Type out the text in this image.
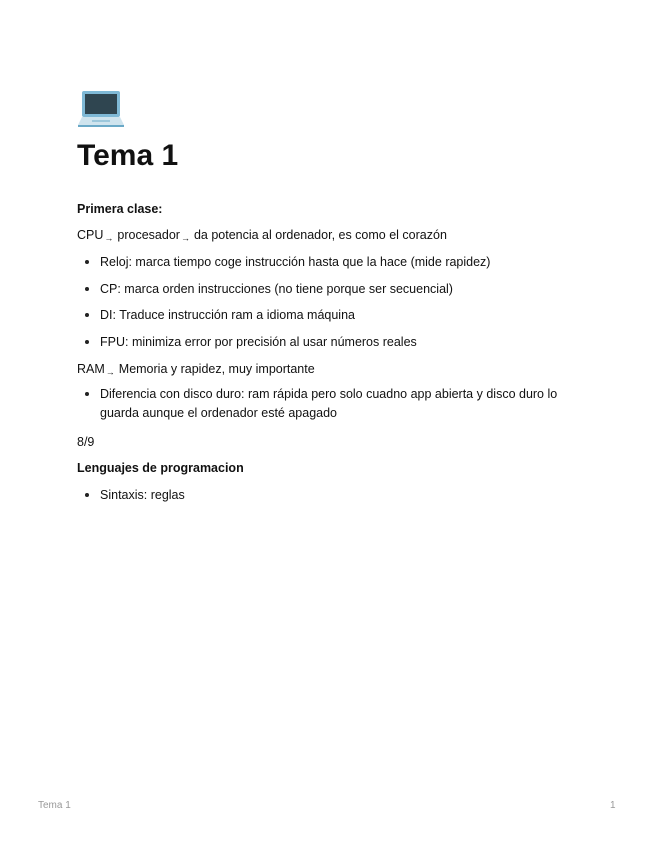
Tema 1
Primera clase:
CPU→ procesador→ da potencia al ordenador, es como el corazón
Reloj: marca tiempo coge instrucción hasta que la hace (mide rapidez)
CP: marca orden instrucciones (no tiene porque ser secuencial)
DI: Traduce instrucción ram a idioma máquina
FPU: minimiza error por precisión al usar números reales
RAM→ Memoria y rapidez, muy importante
Diferencia con disco duro: ram rápida pero solo cuadno app abierta y disco duro lo guarda aunque el ordenador esté apagado
8/9
Lenguajes de programacion
Sintaxis: reglas
Tema 1	1
